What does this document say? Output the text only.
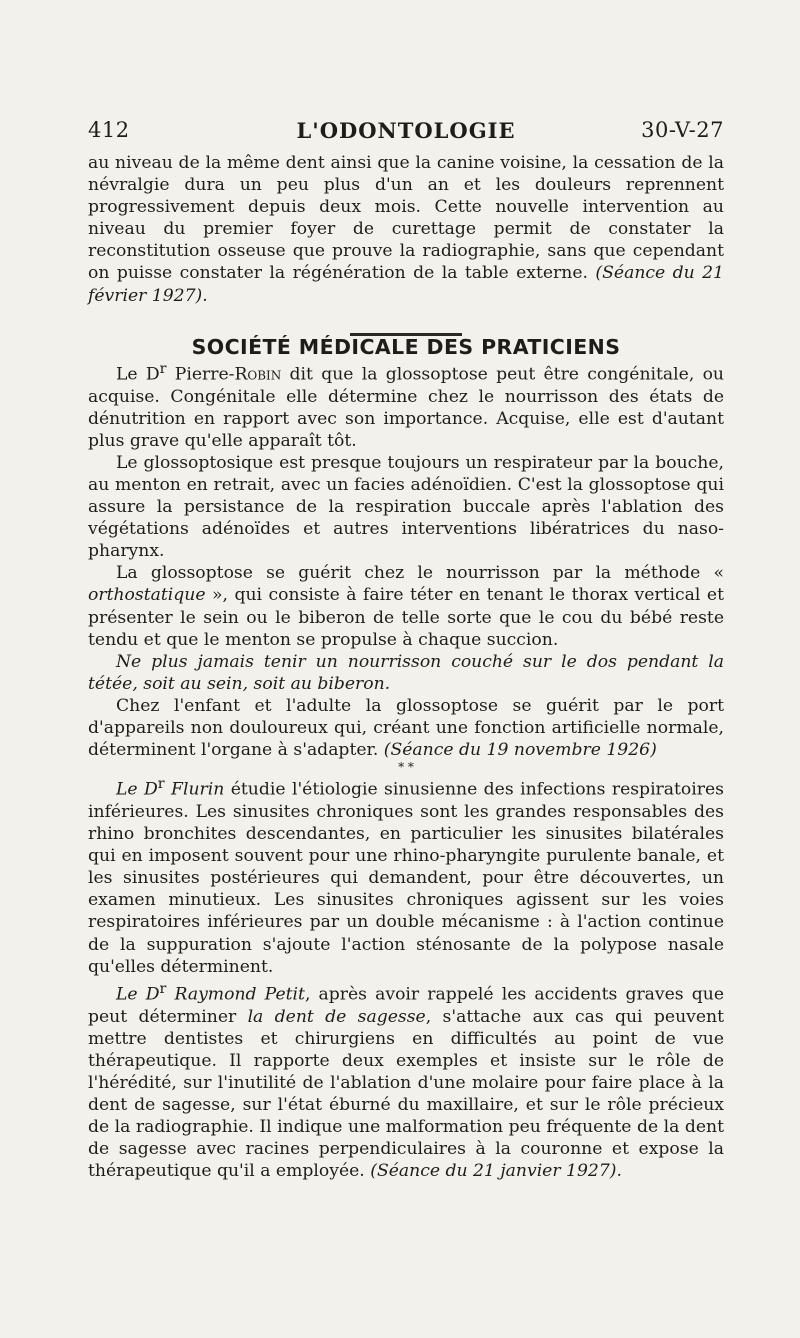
412	L'ODONTOLOGIE	30-V-27

au niveau de la même dent ainsi que la canine voisine, la cessation de la névralgie dura un peu plus d'un an et les douleurs reprennent progressivement depuis deux mois. Cette nouvelle intervention au niveau du premier foyer de curettage permit de constater la reconstitution osseuse que prouve la radiographie, sans que cependant on puisse constater la régénération de la table externe. (Séance du 21 février 1927).

SOCIÉTÉ MÉDICALE DES PRATICIENS

Le $D^r$ Pierre-Robin dit que la glossoptose peut être congénitale, ou acquise. Congénitale elle détermine chez le nourrisson des états de dénutrition en rapport avec son importance. Acquise, elle est d'autant plus grave qu'elle apparaît tôt.

Le glossoptosique est presque toujours un respirateur par la bouche, au menton en retrait, avec un facies adénoïdien. C'est la glossoptose qui assure la persistance de la respiration buccale après l'ablation des végétations adénoïdes et autres interventions libératrices du naso-pharynx.

La glossoptose se guérit chez le nourrisson par la méthode « orthostatique », qui consiste à faire téter en tenant le thorax vertical et présenter le sein ou le biberon de telle sorte que le cou du bébé reste tendu et que le menton se propulse à chaque succion.

Ne plus jamais tenir un nourrisson couché sur le dos pendant la tétée, soit au sein, soit au biberon.

Chez l'enfant et l'adulte la glossoptose se guérit par le port d'appareils non douloureux qui, créant une fonction artificielle normale, déterminent l'organe à s'adapter. (Séance du 19 novembre 1926)

* *

Le $D^r$ Flurin étudie l'étiologie sinusienne des infections respiratoires inférieures. Les sinusites chroniques sont les grandes responsables des rhino bronchites descendantes, en particulier les sinusites bilatérales qui en imposent souvent pour une rhino-pharyngite purulente banale, et les sinusites postérieures qui demandent, pour être découvertes, un examen minutieux. Les sinusites chroniques agissent sur les voies respiratoires inférieures par un double mécanisme : à l'action continue de la suppuration s'ajoute l'action sténosante de la polypose nasale qu'elles déterminent.

Le $D^r$ Raymond Petit, après avoir rappelé les accidents graves que peut déterminer la dent de sagesse, s'attache aux cas qui peuvent mettre dentistes et chirurgiens en difficultés au point de vue thérapeutique. Il rapporte deux exemples et insiste sur le rôle de l'hérédité, sur l'inutilité de l'ablation d'une molaire pour faire place à la dent de sagesse, sur l'état éburné du maxillaire, et sur le rôle précieux de la radiographie. Il indique une malformation peu fréquente de la dent de sagesse avec racines perpendiculaires à la couronne et expose la thérapeutique qu'il a employée. (Séance du 21 janvier 1927).
